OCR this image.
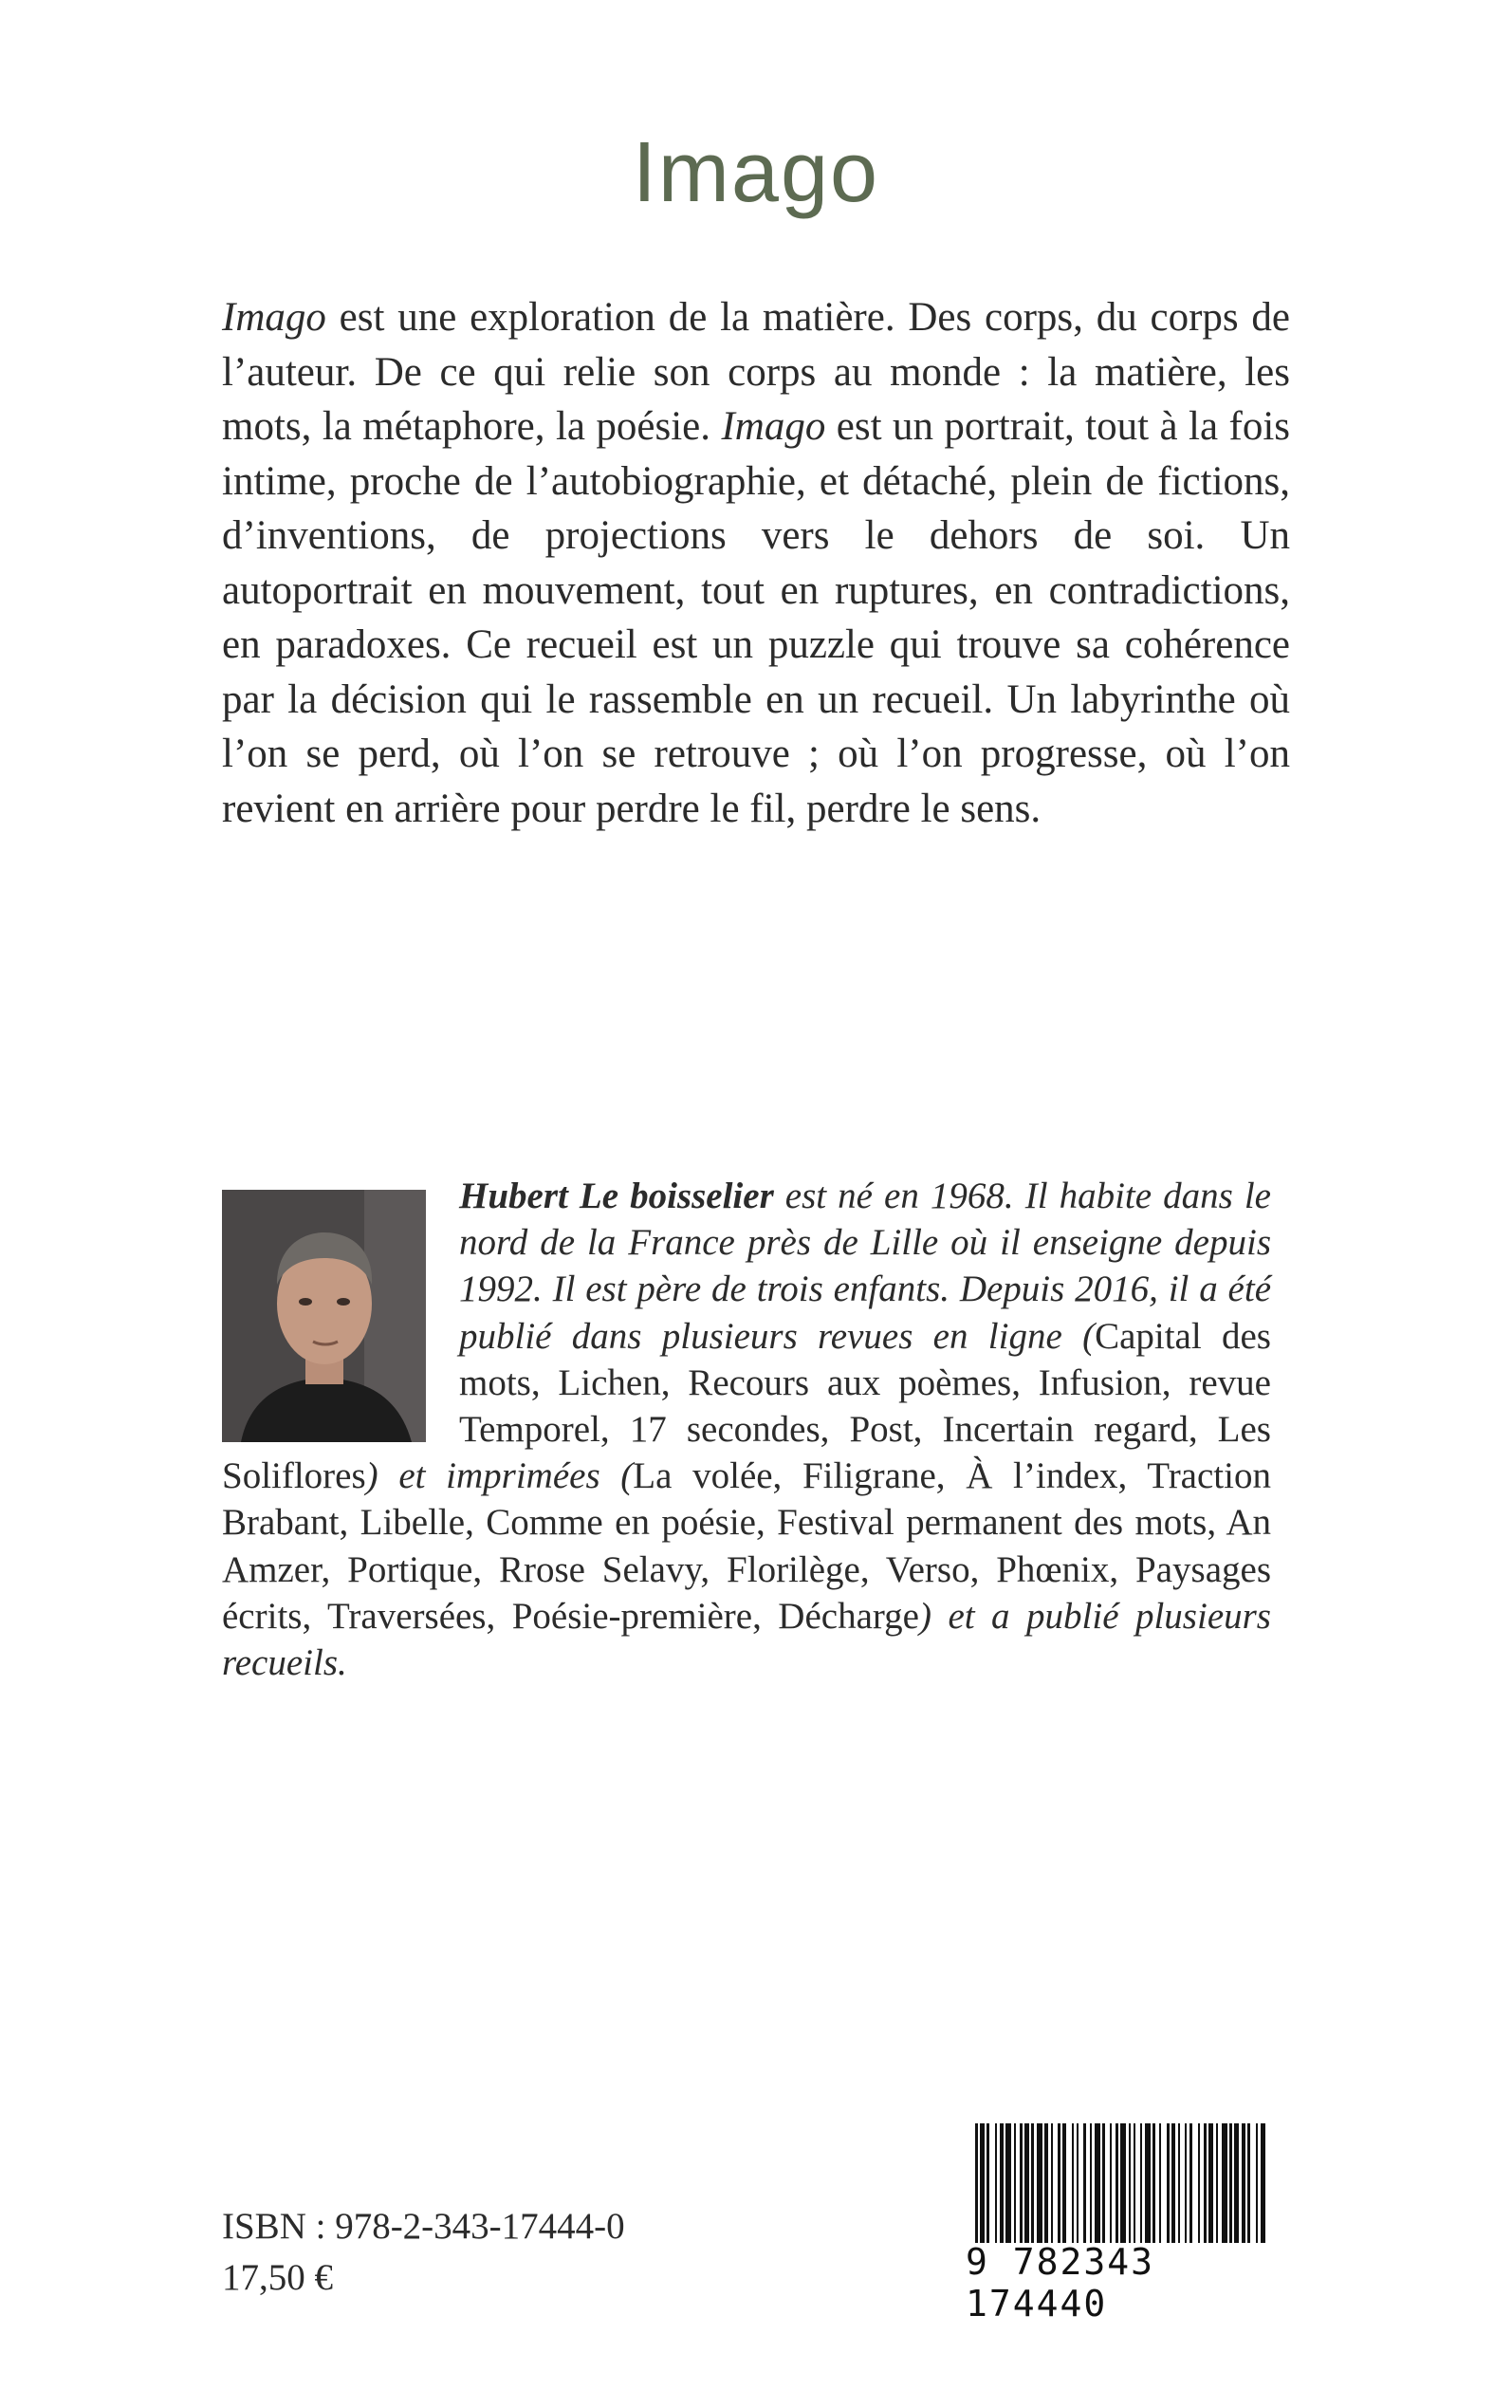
Imago
Imago est une exploration de la matière. Des corps, du corps de l’auteur. De ce qui relie son corps au monde : la matière, les mots, la métaphore, la poésie. Imago est un portrait, tout à la fois intime, proche de l’autobiographie, et détaché, plein de fictions, d’inventions, de projections vers le dehors de soi. Un autoportrait en mouvement, tout en ruptures, en contradictions, en paradoxes. Ce recueil est un puzzle qui trouve sa cohérence par la décision qui le rassemble en un recueil. Un labyrinthe où l’on se perd, où l’on se retrouve ; où l’on progresse, où l’on revient en arrière pour perdre le fil, perdre le sens.
Hubert Le boisselier est né en 1968. Il habite dans le nord de la France près de Lille où il enseigne depuis 1992. Il est père de trois enfants. Depuis 2016, il a été publié dans plusieurs revues en ligne (Capital des mots, Lichen, Recours aux poèmes, Infusion, revue Temporel, 17 secondes, Post, Incertain regard, Les Soliflores) et imprimées (La volée, Filigrane, À l’index, Traction Brabant, Libelle, Comme en poésie, Festival permanent des mots, An Amzer, Portique, Rrose Selavy, Florilège, Verso, Phœnix, Paysages écrits, Traversées, Poésie-première, Décharge) et a publié plusieurs recueils.
ISBN : 978-2-343-17444-0
17,50 €	9 782343 174440
